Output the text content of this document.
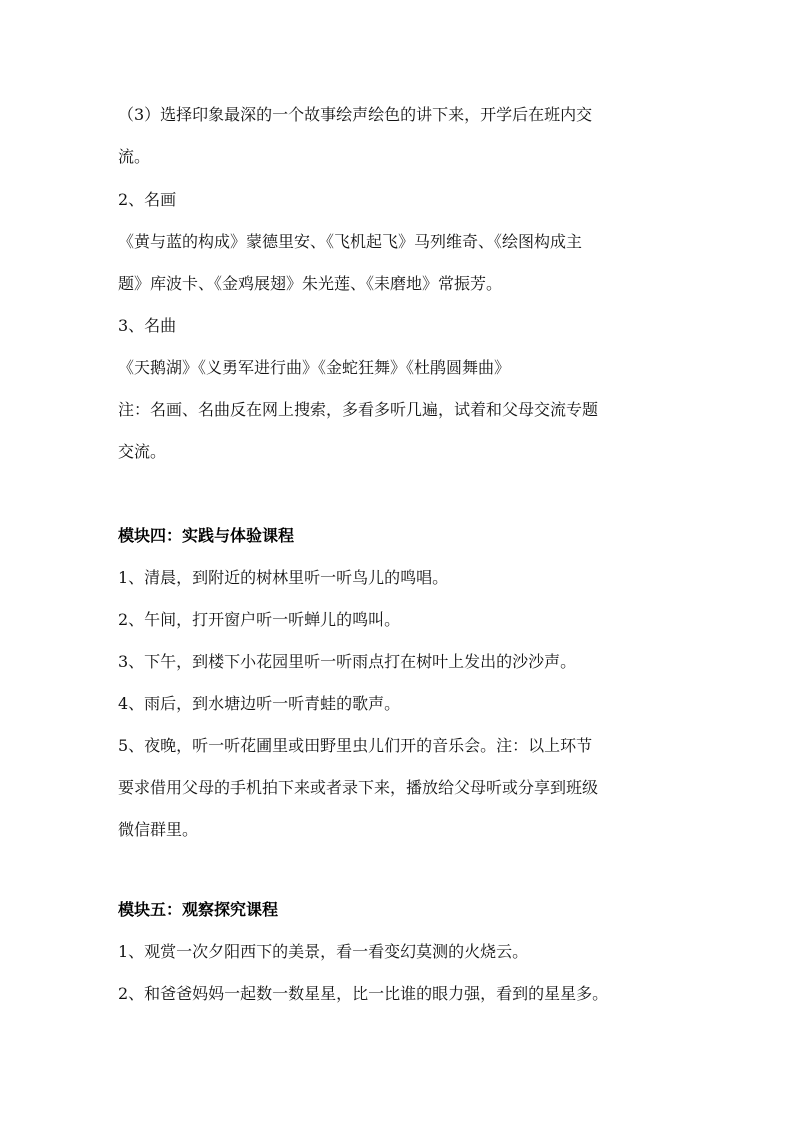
（3）选择印象最深的一个故事绘声绘色的讲下来，开学后在班内交
流。
2、名画
《黄与蓝的构成》蒙德里安、《飞机起飞》马列维奇、《绘图构成主
题》库波卡、《金鸡展翅》朱光莲、《耒磨地》常振芳。
3、名曲
《天鹅湖》《义勇军进行曲》《金蛇狂舞》《杜鹃圆舞曲》
注：名画、名曲反在网上搜索，多看多听几遍，试着和父母交流专题
交流。
模块四：实践与体验课程
1、清晨，到附近的树林里听一听鸟儿的鸣唱。
2、午间，打开窗户听一听蝉儿的鸣叫。
3、下午，到楼下小花园里听一听雨点打在树叶上发出的沙沙声。
4、雨后，到水塘边听一听青蛙的歌声。
5、夜晚，听一听花圃里或田野里虫儿们开的音乐会。注：以上环节
要求借用父母的手机拍下来或者录下来，播放给父母听或分享到班级
微信群里。
模块五：观察探究课程
1、观赏一次夕阳西下的美景，看一看变幻莫测的火烧云。
2、和爸爸妈妈一起数一数星星，比一比谁的眼力强，看到的星星多。
